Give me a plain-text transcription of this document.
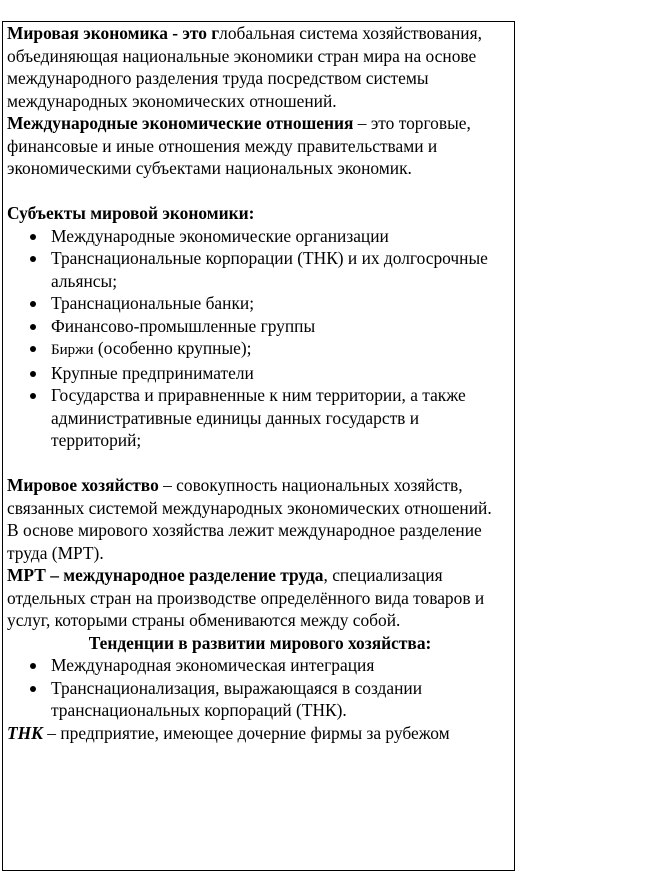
Мировая экономика - это глобальная система хозяйствования, объединяющая национальные экономики стран мира на основе международного разделения труда посредством системы международных экономических отношений.

Международные экономические отношения – это торговые, финансовые и иные отношения между правительствами и экономическими субъектами национальных экономик.

Субъекты мировой экономики:

Международные экономические организации
Транснациональные корпорации (ТНК) и их долгосрочные альянсы;
Транснациональные банки;
Финансово-промышленные группы
Биржи (особенно крупные);
Крупные предприниматели
Государства и приравненные к ним территории, а также административные единицы данных государств и территорий;

Мировое хозяйство – совокупность национальных хозяйств, связанных системой международных экономических отношений.

В основе мирового хозяйства лежит международное разделение труда (МРТ).

МРТ – международное разделение труда, специализация отдельных стран на производстве определённого вида товаров и услуг, которыми страны обмениваются между собой.

Тенденции в развитии мирового хозяйства:

Международная экономическая интеграция
Транснационализация, выражающаяся в создании транснациональных корпораций (ТНК).

ТНК – предприятие, имеющее дочерние фирмы за рубежом
